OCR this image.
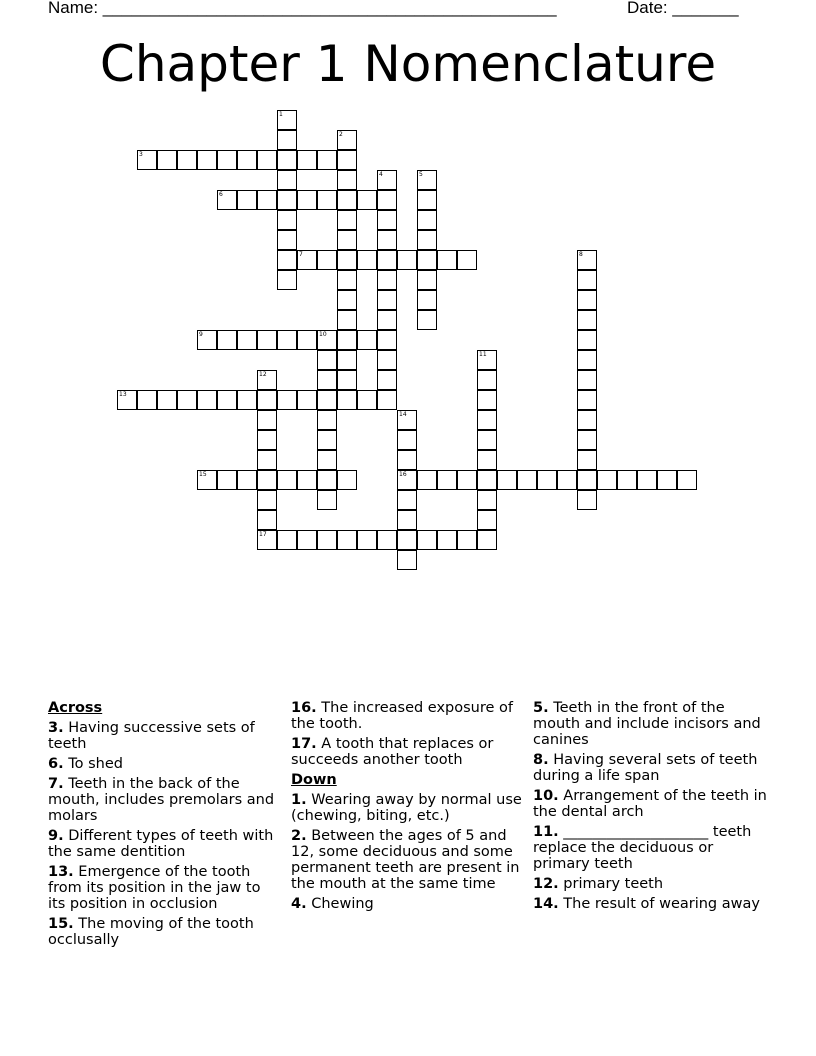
Name: ________________________________________________	Date: _______
Chapter 1 Nomenclature
1
2
3
4	5
6
7	8
9	10
11
12
17
13
14
16
15
Across
3. Having successive sets of teeth
6. To shed
7. Teeth in the back of the mouth, includes premolars and molars
9. Different types of teeth with the same dentition
13. Emergence of the tooth from its position in the jaw to its position in occlusion
15. The moving of the tooth occlusally
16. The increased exposure of the tooth.
17. A tooth that replaces or succeeds another tooth
Down
1. Wearing away by normal use (chewing, biting, etc.)
2. Between the ages of 5 and 12, some deciduous and some permanent teeth are present in the mouth at the same time
4. Chewing
5. Teeth in the front of the mouth and include incisors and canines
8. Having several sets of teeth during a life span
10. Arrangement of the teeth in the dental arch
11. ____________________ teeth replace the deciduous or primary teeth
12. primary teeth
14. The result of wearing away
